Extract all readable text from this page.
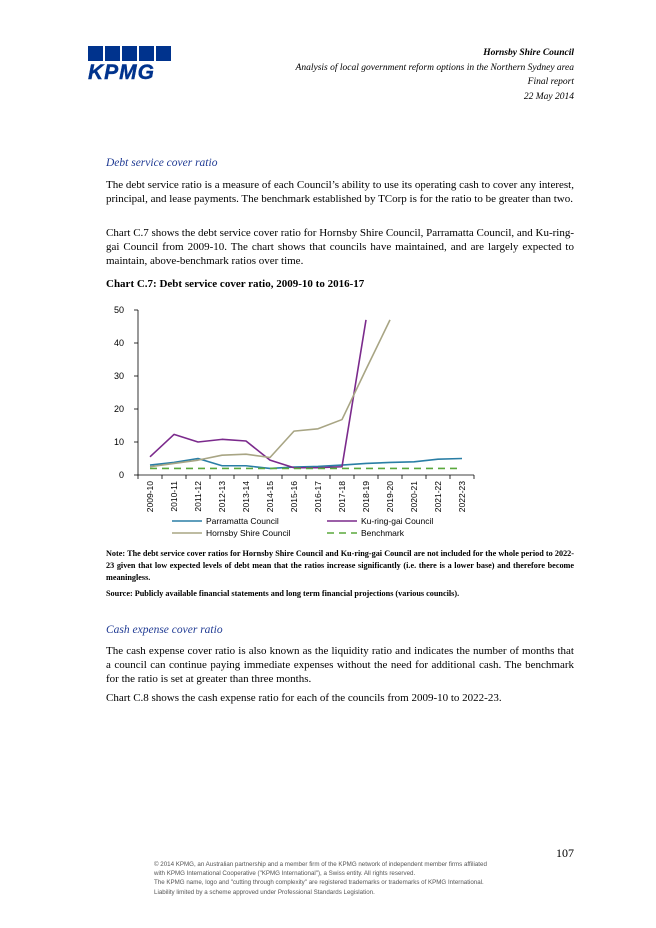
KPMG
Hornsby Shire Council
Analysis of local government reform options in the Northern Sydney area
Final report
22 May 2014
Debt service cover ratio
The debt service ratio is a measure of each Council’s ability to use its operating cash to cover any interest, principal, and lease payments. The benchmark established by TCorp is for the ratio to be greater than two.
Chart C.7 shows the debt service cover ratio for Hornsby Shire Council, Parramatta Council, and Ku-ring-gai Council from 2009-10. The chart shows that councils have maintained, and are largely expected to maintain, above-benchmark ratios over time.
Chart C.7: Debt service cover ratio, 2009-10 to 2016-17
0
10
20
30
40
50
2009-10 2010-11 2011-12 2012-13 2013-14 2014-15 2015-16 2016-17 2017-18 2018-19 2019-20 2020-21 2021-22 2022-23
Parramatta Council	Ku-ring-gai Council
Hornsby Shire Council	Benchmark
Note: The debt service cover ratios for Hornsby Shire Council and Ku-ring-gai Council are not included for the whole period to 2022-23 given that low expected levels of debt mean that the ratios increase significantly (i.e. there is a lower base) and therefore become meaningless.
Source: Publicly available financial statements and long term financial projections (various councils).
Cash expense cover ratio
The cash expense cover ratio is also known as the liquidity ratio and indicates the number of months that a council can continue paying immediate expenses without the need for additional cash. The benchmark for the ratio is set at greater than three months.
Chart C.8 shows the cash expense ratio for each of the councils from 2009-10 to 2022-23.
107
© 2014 KPMG, an Australian partnership and a member firm of the KPMG network of independent member firms affiliated
with KPMG International Cooperative ("KPMG International"), a Swiss entity. All rights reserved.
The KPMG name, logo and "cutting through complexity" are registered trademarks or trademarks of KPMG International.
Liability limited by a scheme approved under Professional Standards Legislation.
